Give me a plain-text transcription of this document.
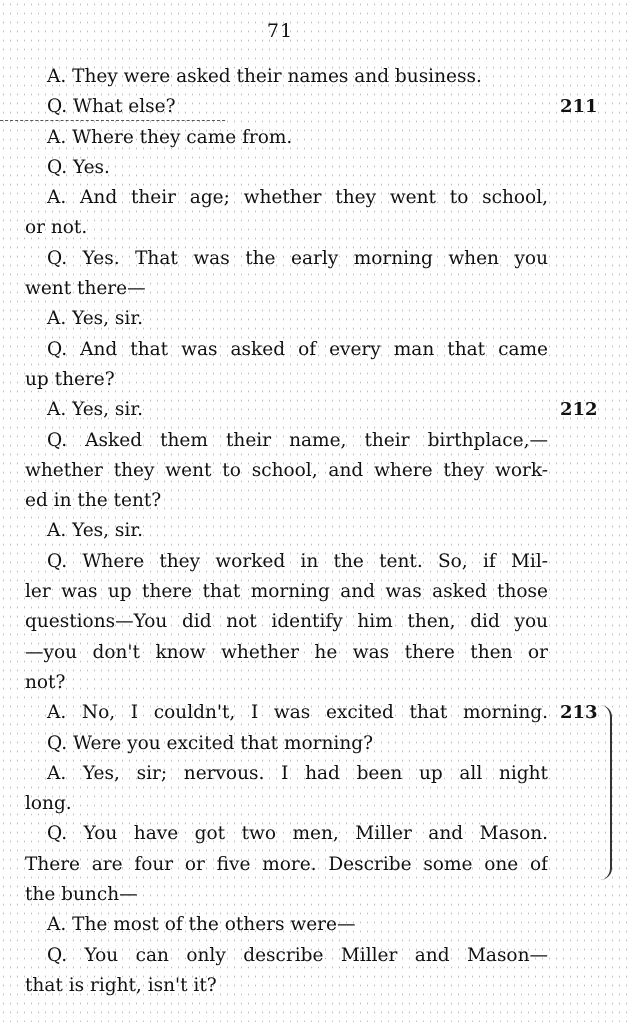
71
A. They were asked their names and business.
Q. What else?
A. Where they came from.
Q. Yes.
A. And their age; whether they went to school,
or not.
Q. Yes. That was the early morning when you
went there—
A. Yes, sir.
Q. And that was asked of every man that came
up there?
A. Yes, sir.
Q. Asked them their name, their birthplace,—
whether they went to school, and where they work-
ed in the tent?
A. Yes, sir.
Q. Where they worked in the tent. So, if Mil-
ler was up there that morning and was asked those
questions—You did not identify him then, did you
—you don't know whether he was there then or
not?
A. No, I couldn't, I was excited that morning.
Q. Were you excited that morning?
A. Yes, sir; nervous. I had been up all night
long.
Q. You have got two men, Miller and Mason.
There are four or five more. Describe some one of
the bunch—
A. The most of the others were—
Q. You can only describe Miller and Mason—
that is right, isn't it?
211
212
213
